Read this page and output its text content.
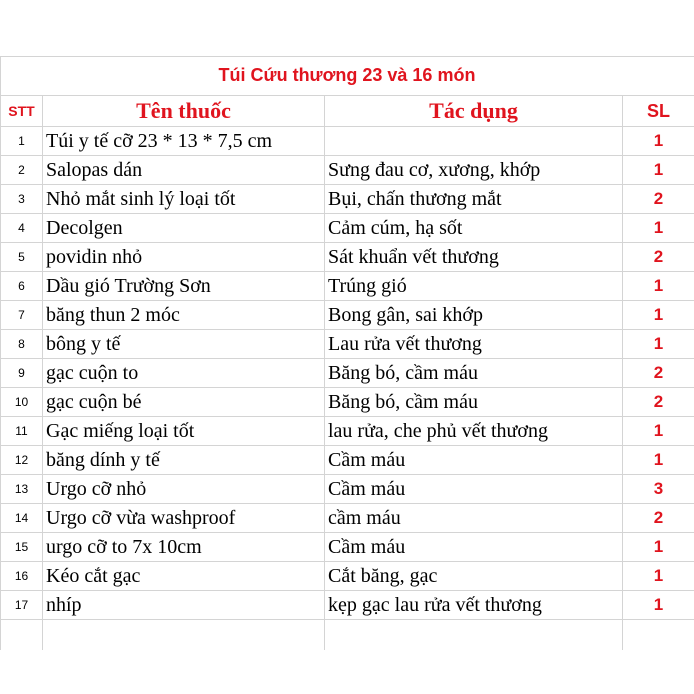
Túi Cứu thương 23 và 16 món
STT	Tên thuốc	Tác dụng	SL
1	Túi y tế cỡ 23 * 13 * 7,5 cm		1
2	Salopas dán	Sưng đau cơ, xương, khớp	1
3	Nhỏ mắt sinh lý loại tốt	Bụi, chấn thương mắt	2
4	Decolgen	Cảm cúm, hạ sốt	1
5	povidin nhỏ	Sát khuẩn vết thương	2
6	Dầu gió Trường Sơn	Trúng gió	1
7	băng thun 2 móc	Bong gân, sai khớp	1
8	bông y tế	Lau rửa vết thương	1
9	gạc cuộn to	Băng bó, cầm máu	2
10	gạc cuộn bé	Băng bó, cầm máu	2
11	Gạc miếng loại tốt	lau rửa, che phủ vết thương	1
12	băng dính y tế	Cầm máu	1
13	Urgo cỡ nhỏ	Cầm máu	3
14	Urgo cỡ vừa washproof	cầm máu	2
15	urgo cỡ to 7x 10cm	Cầm máu	1
16	Kéo cắt gạc	Cắt băng, gạc	1
17	nhíp	kẹp gạc lau rửa vết thương	1
